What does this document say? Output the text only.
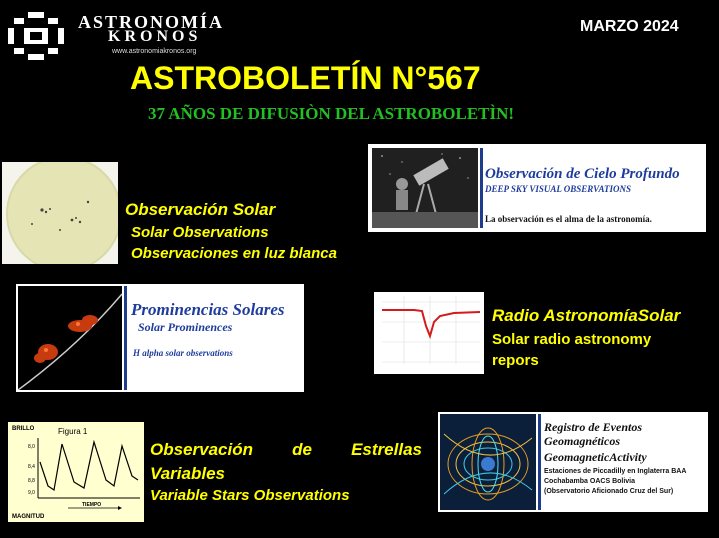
ASTRONOMÍA
KRONOS
www.astronomiakronos.org
MARZO 2024
ASTROBOLETÍN N°567
37 AÑOS DE DIFUSIÒN DEL ASTROBOLETÌN!
Observación Solar
Solar Observations
Observaciones en luz blanca
Observación de Cielo Profundo
DEEP SKY VISUAL OBSERVATIONS
La observación es el alma de la astronomía.
Prominencias Solares
Solar Prominences
H alpha solar observations
Radio AstronomíaSolar
Solar radio astronomy
repors
BRILLO	Figura 1
MAGNITUD
TIEMPO
8,0
8,4
8,8
9,0
Observación de Estrellas
Variables
Variable Stars Observations
Registro de Eventos
Geomagnéticos
GeomagneticActivity
Estaciones de Piccadilly en Inglaterra BAA
Cochabamba OACS Bolivia
(Observatorio Aficionado Cruz del Sur)
